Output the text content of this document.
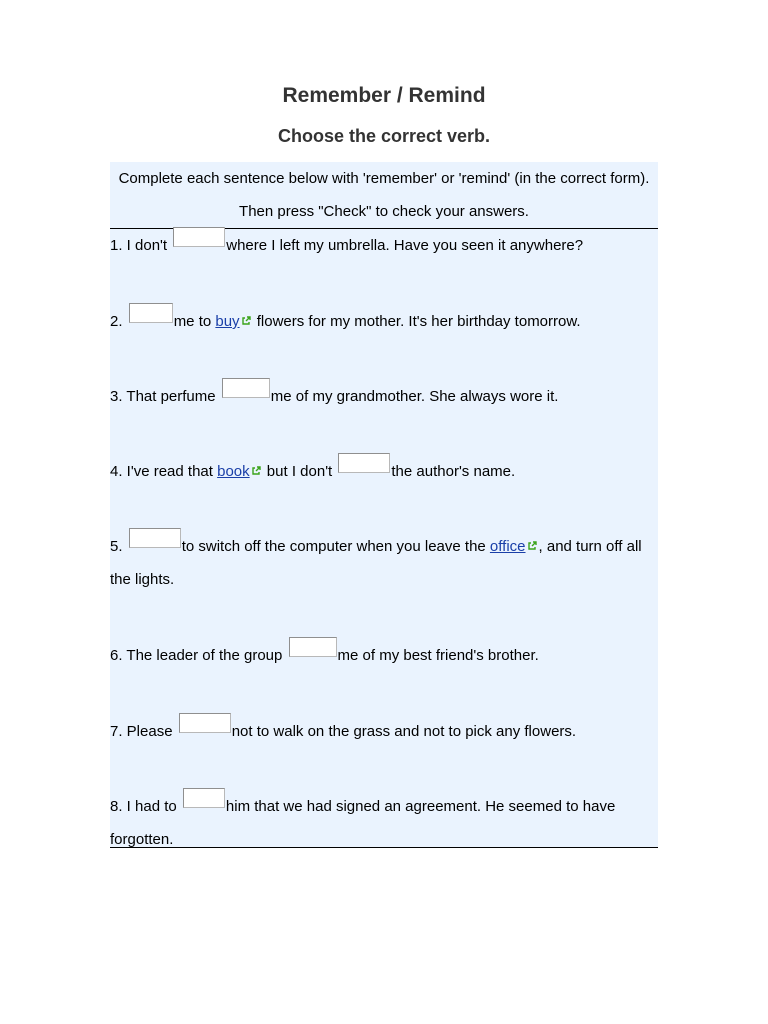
Remember / Remind
Choose the correct verb.
Complete each sentence below with 'remember' or 'remind' (in the correct form).
Then press "Check" to check your answers.
1. I don't	where I left my umbrella. Have you seen it anywhere?
2.	me to buy flowers for my mother. It's her birthday tomorrow.
3. That perfume	me of my grandmother. She always wore it.
4. I've read that book but I don't	the author's name.
5.	to switch off the computer when you leave the office , and turn off all
the lights.
6. The leader of the group	me of my best friend's brother.
7. Please	not to walk on the grass and not to pick any flowers.
8. I had to	him that we had signed an agreement. He seemed to have
forgotten.
